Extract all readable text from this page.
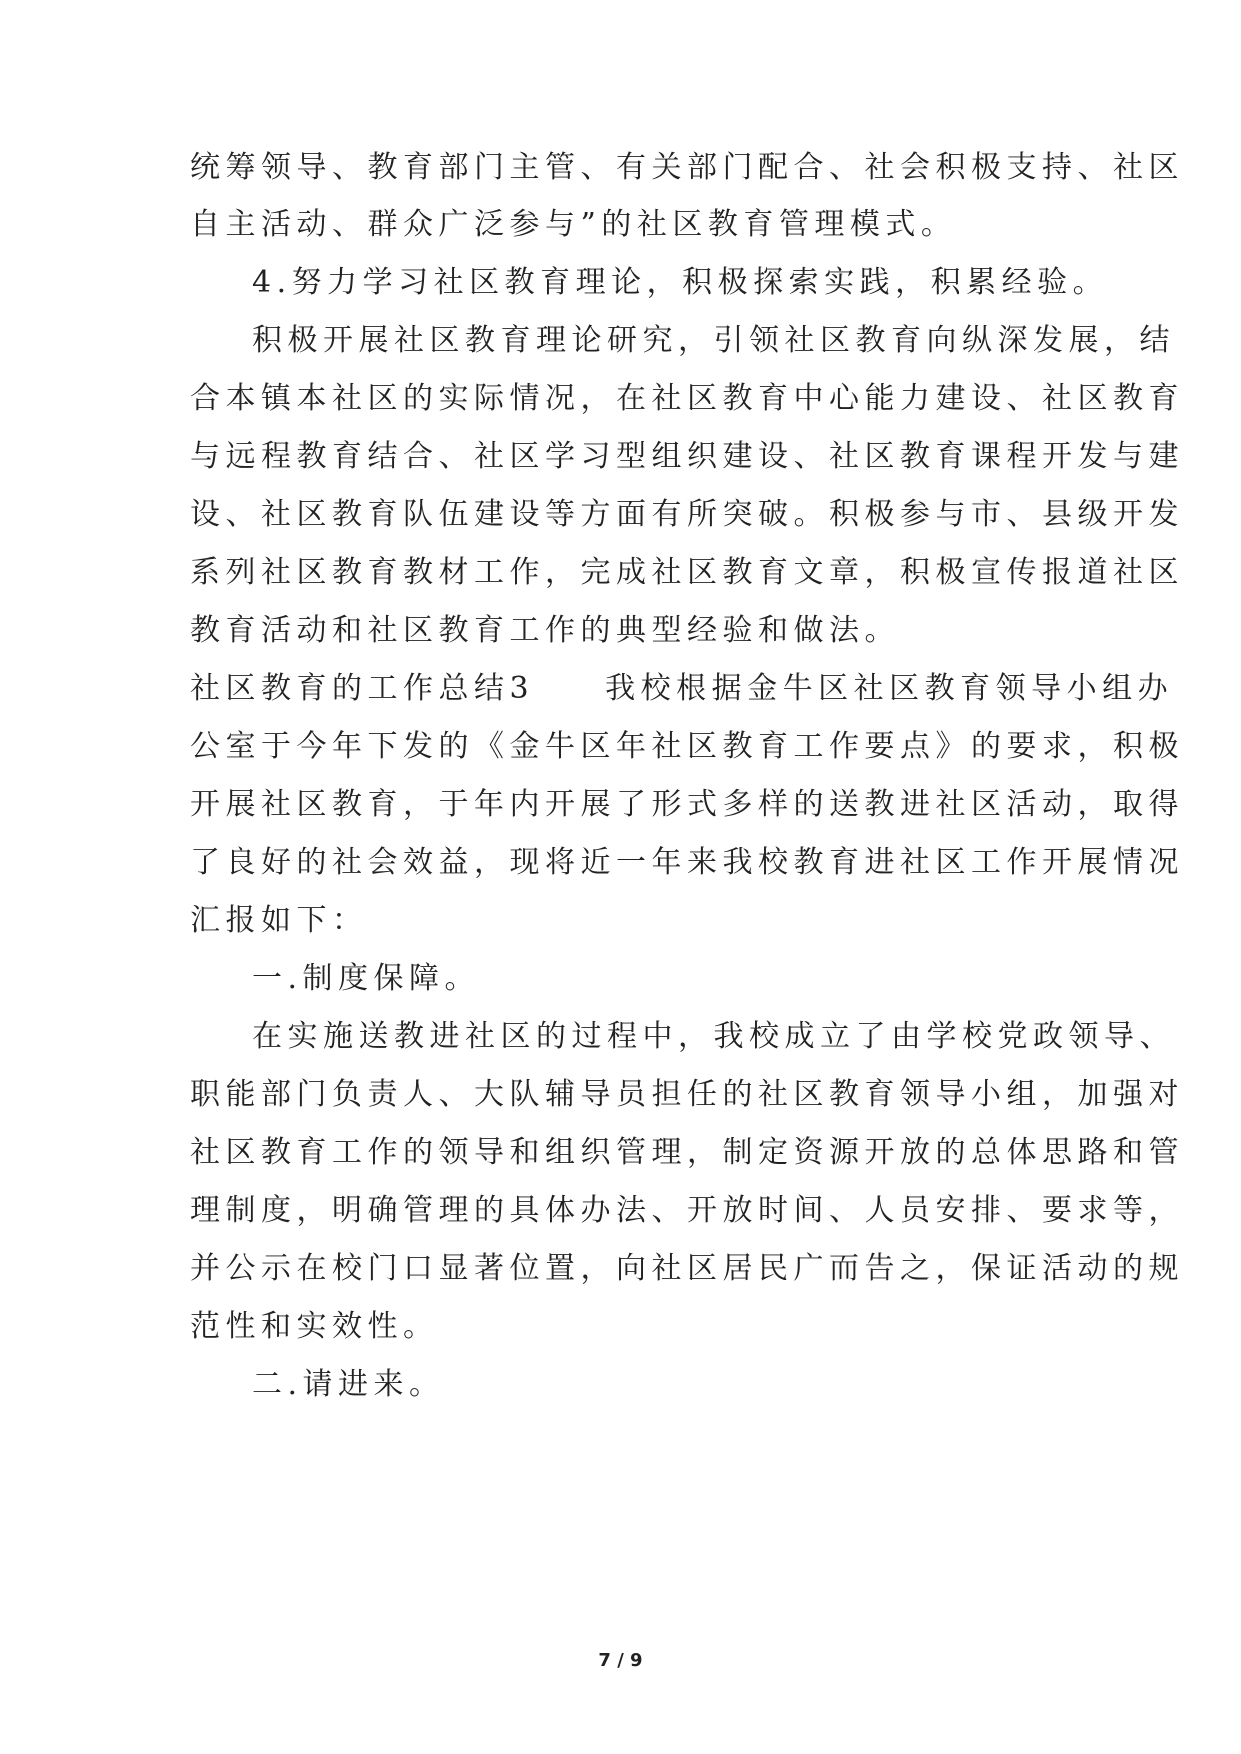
统筹领导、教育部门主管、有关部门配合、社会积极支持、社区
自主活动、群众广泛参与”的社区教育管理模式。
4.努力学习社区教育理论，积极探索实践，积累经验。
积极开展社区教育理论研究，引领社区教育向纵深发展，结
合本镇本社区的实际情况，在社区教育中心能力建设、社区教育
与远程教育结合、社区学习型组织建设、社区教育课程开发与建
设、社区教育队伍建设等方面有所突破。积极参与市、县级开发
系列社区教育教材工作，完成社区教育文章，积极宣传报道社区
教育活动和社区教育工作的典型经验和做法。
社区教育的工作总结3　　我校根据金牛区社区教育领导小组办
公室于今年下发的《金牛区年社区教育工作要点》的要求，积极
开展社区教育，于年内开展了形式多样的送教进社区活动，取得
了良好的社会效益，现将近一年来我校教育进社区工作开展情况
汇报如下：
一.制度保障。
在实施送教进社区的过程中，我校成立了由学校党政领导、
职能部门负责人、大队辅导员担任的社区教育领导小组，加强对
社区教育工作的领导和组织管理，制定资源开放的总体思路和管
理制度，明确管理的具体办法、开放时间、人员安排、要求等，
并公示在校门口显著位置，向社区居民广而告之，保证活动的规
范性和实效性。
二.请进来。
7 / 9
